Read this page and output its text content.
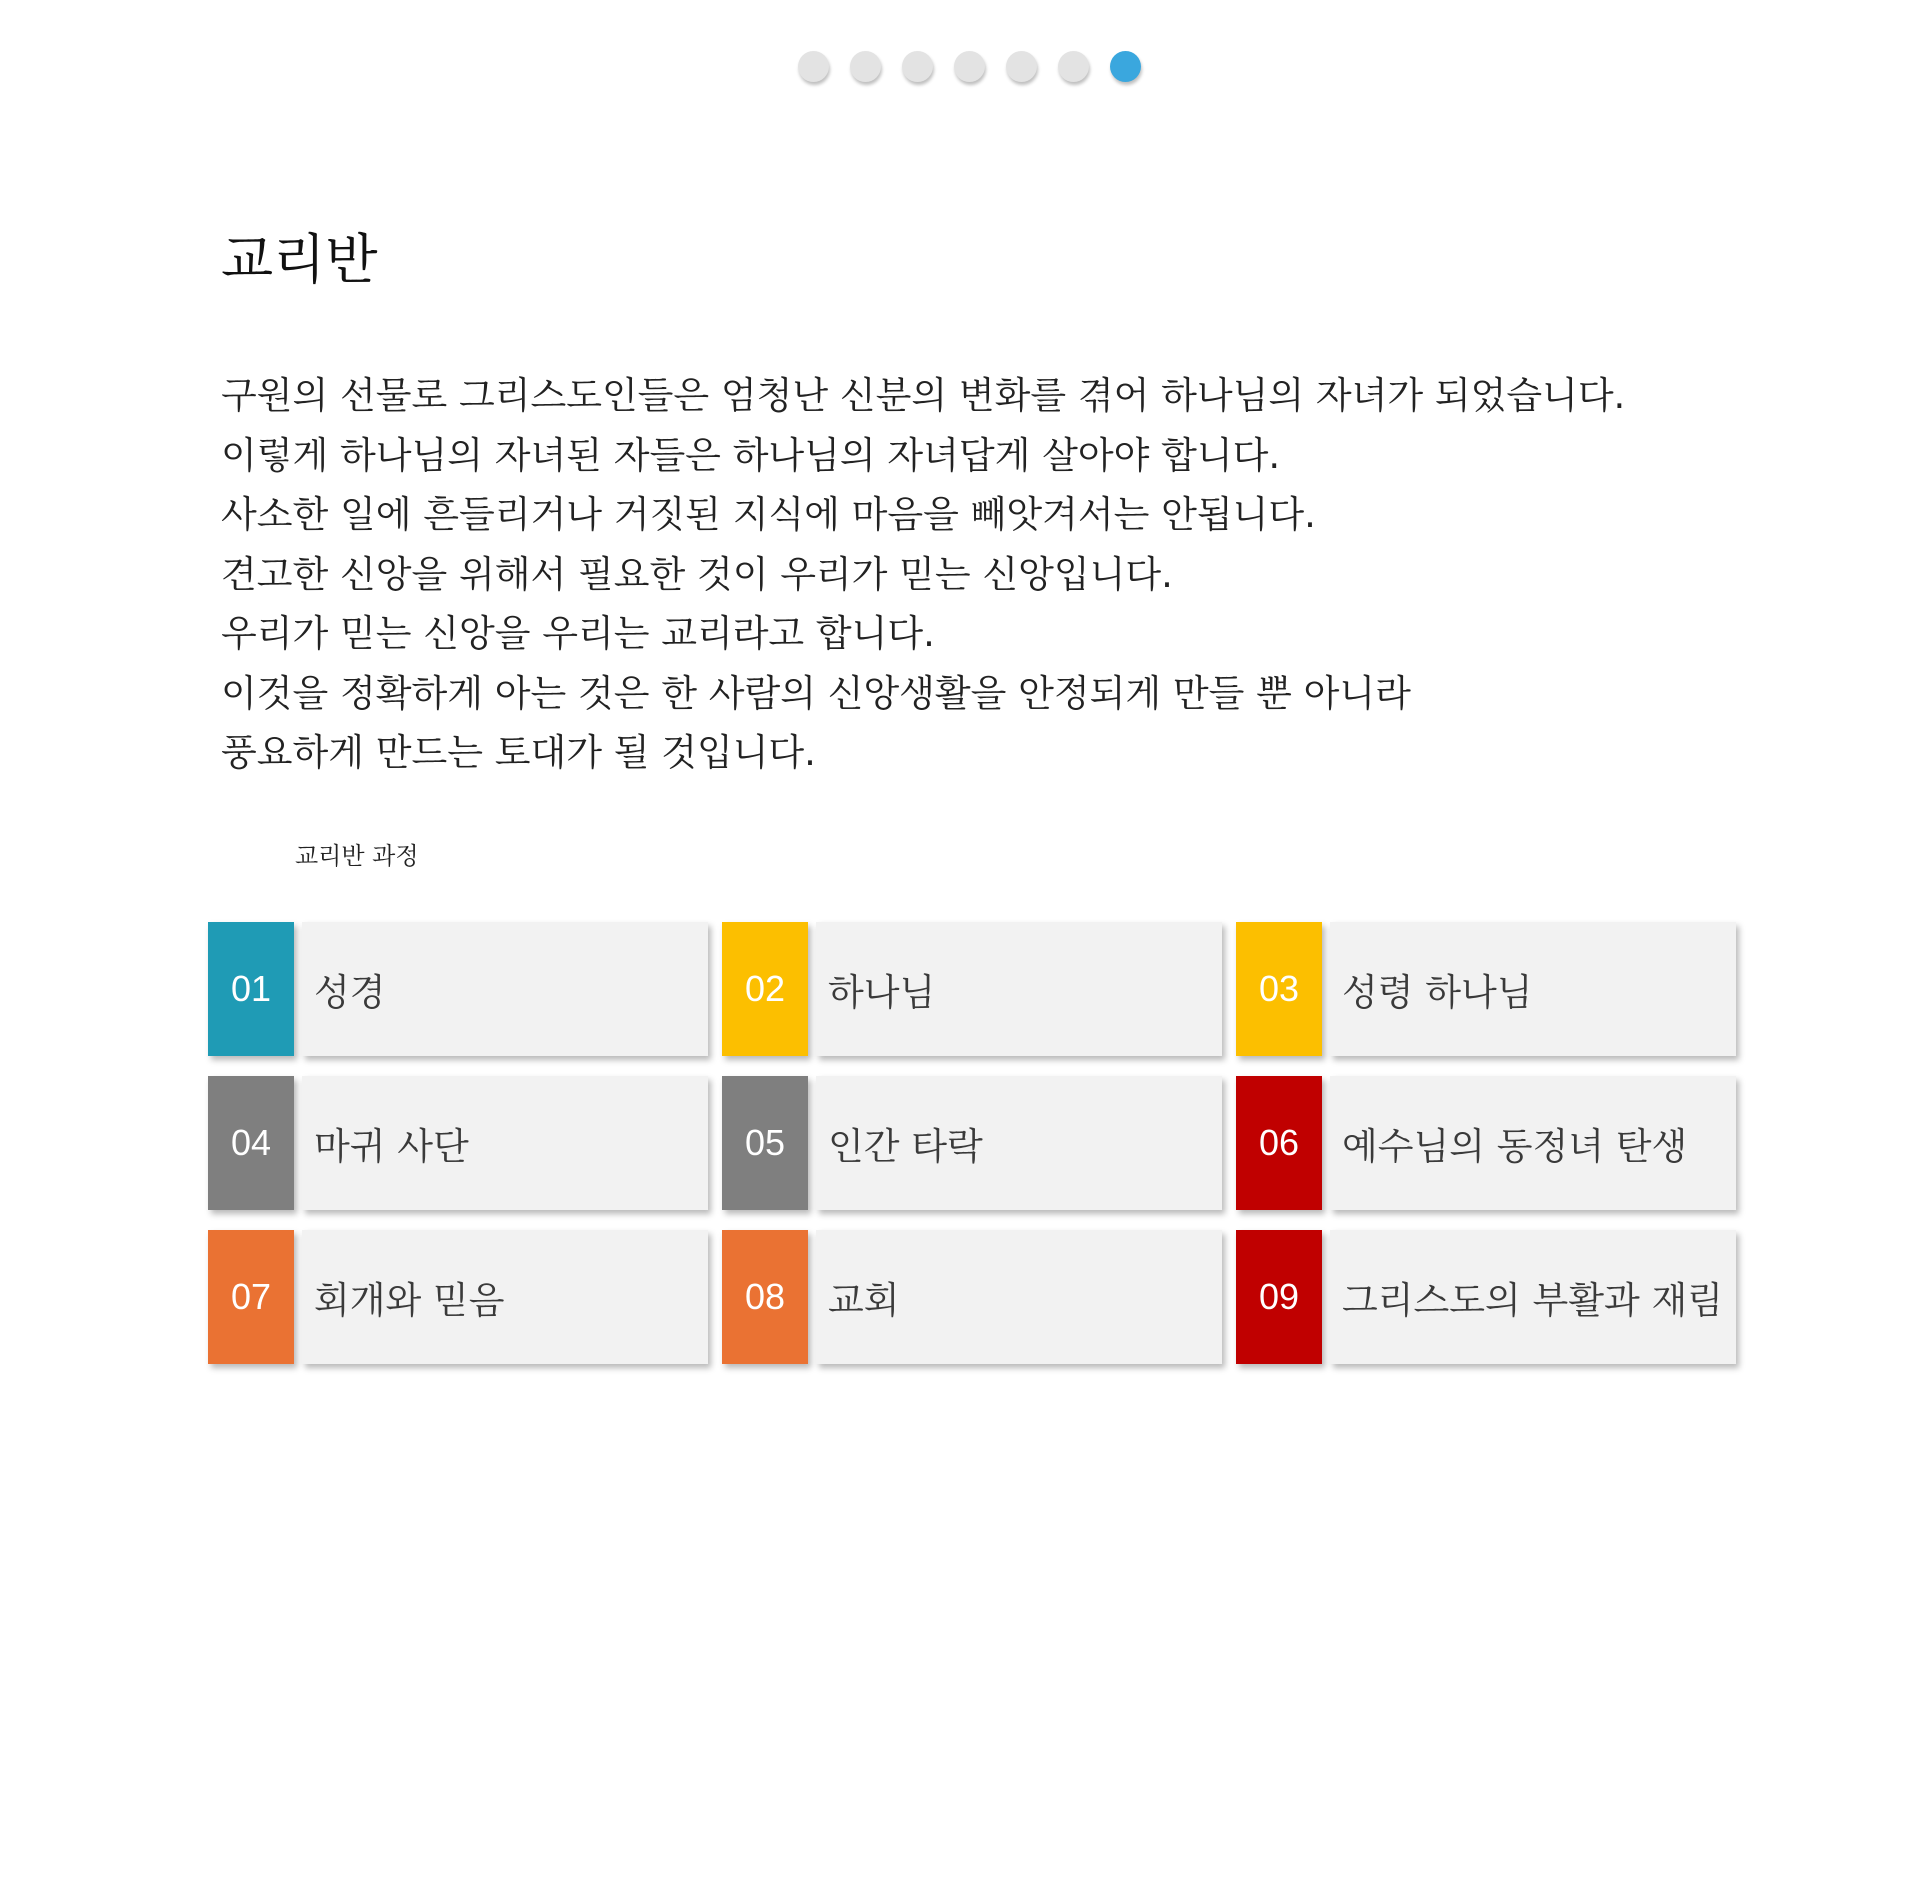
교리반
구원의 선물로 그리스도인들은 엄청난 신분의 변화를 겪어 하나님의 자녀가 되었습니다.
이렇게 하나님의 자녀된 자들은 하나님의 자녀답게 살아야 합니다.
사소한 일에 흔들리거나 거짓된 지식에 마음을 빼앗겨서는 안됩니다.
견고한 신앙을 위해서 필요한 것이 우리가 믿는 신앙입니다.
우리가 믿는 신앙을 우리는 교리라고 합니다.
이것을 정확하게 아는 것은 한 사람의 신앙생활을 안정되게 만들 뿐 아니라
풍요하게 만드는 토대가 될 것입니다.
교리반 과정
01	성경	02	하나님	03	성령 하나님
04	마귀 사단	05	인간 타락	06	예수님의 동정녀 탄생
07	회개와 믿음	08	교회	09	그리스도의 부활과 재림
